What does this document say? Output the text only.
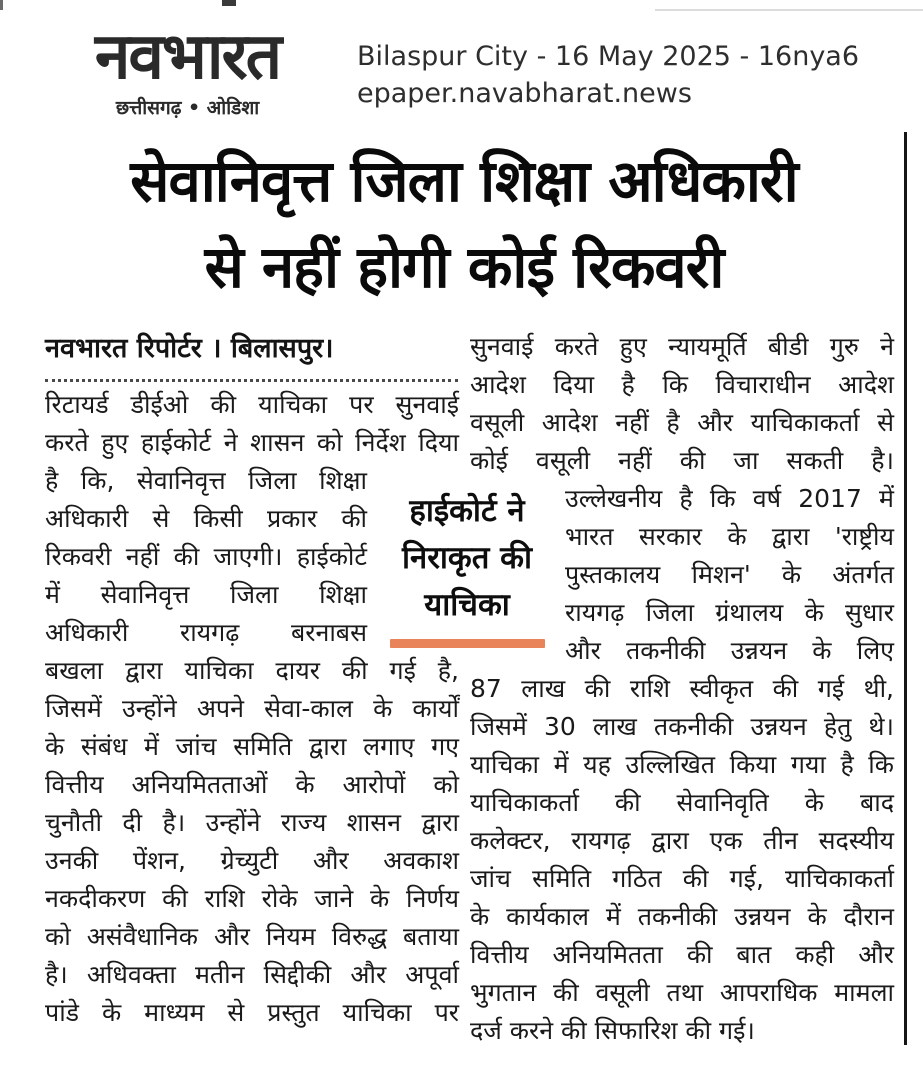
नवभारत
छत्तीसगढ़ • ओडिशा
Bilaspur City - 16 May 2025 - 16nya6
epaper.navabharat.news
सेवानिवृत्त जिला शिक्षा अधिकारी
से नहीं होगी कोई रिकवरी
नवभारत रिपोर्टर । बिलासपुर।
रिटायर्ड डीईओ की याचिका पर सुनवाई
करते हुए हाईकोर्ट ने शासन को निर्देश दिया
है कि, सेवानिवृत्त जिला शिक्षा
अधिकारी से किसी प्रकार की
रिकवरी नहीं की जाएगी। हाईकोर्ट
में सेवानिवृत्त जिला शिक्षा
अधिकारी रायगढ़ बरनाबस
बखला द्वारा याचिका दायर की गई है,
जिसमें उन्होंने अपने सेवा-काल के कार्यों
के संबंध में जांच समिति द्वारा लगाए गए
वित्तीय अनियमितताओं के आरोपों को
चुनौती दी है। उन्होंने राज्य शासन द्वारा
उनकी पेंशन, ग्रेच्युटी और अवकाश
नकदीकरण की राशि रोके जाने के निर्णय
को असंवैधानिक और नियम विरुद्ध बताया
है। अधिवक्ता मतीन सिद्दीकी और अपूर्वा
पांडे के माध्यम से प्रस्तुत याचिका पर
हाईकोर्ट ने
निराकृत की
याचिका
सुनवाई करते हुए न्यायमूर्ति बीडी गुरु ने
आदेश दिया है कि विचाराधीन आदेश
वसूली आदेश नहीं है और याचिकाकर्ता से
कोई वसूली नहीं की जा सकती है।
उल्लेखनीय है कि वर्ष 2017 में
भारत सरकार के द्वारा 'राष्ट्रीय
पुस्तकालय मिशन' के अंतर्गत
रायगढ़ जिला ग्रंथालय के सुधार
और तकनीकी उन्नयन के लिए
87 लाख की राशि स्वीकृत की गई थी,
जिसमें 30 लाख तकनीकी उन्नयन हेतु थे।
याचिका में यह उल्लिखित किया गया है कि
याचिकाकर्ता की सेवानिवृति के बाद
कलेक्टर, रायगढ़ द्वारा एक तीन सदस्यीय
जांच समिति गठित की गई, याचिकाकर्ता
के कार्यकाल में तकनीकी उन्नयन के दौरान
वित्तीय अनियमितता की बात कही और
भुगतान की वसूली तथा आपराधिक मामला
दर्ज करने की सिफारिश की गई।
